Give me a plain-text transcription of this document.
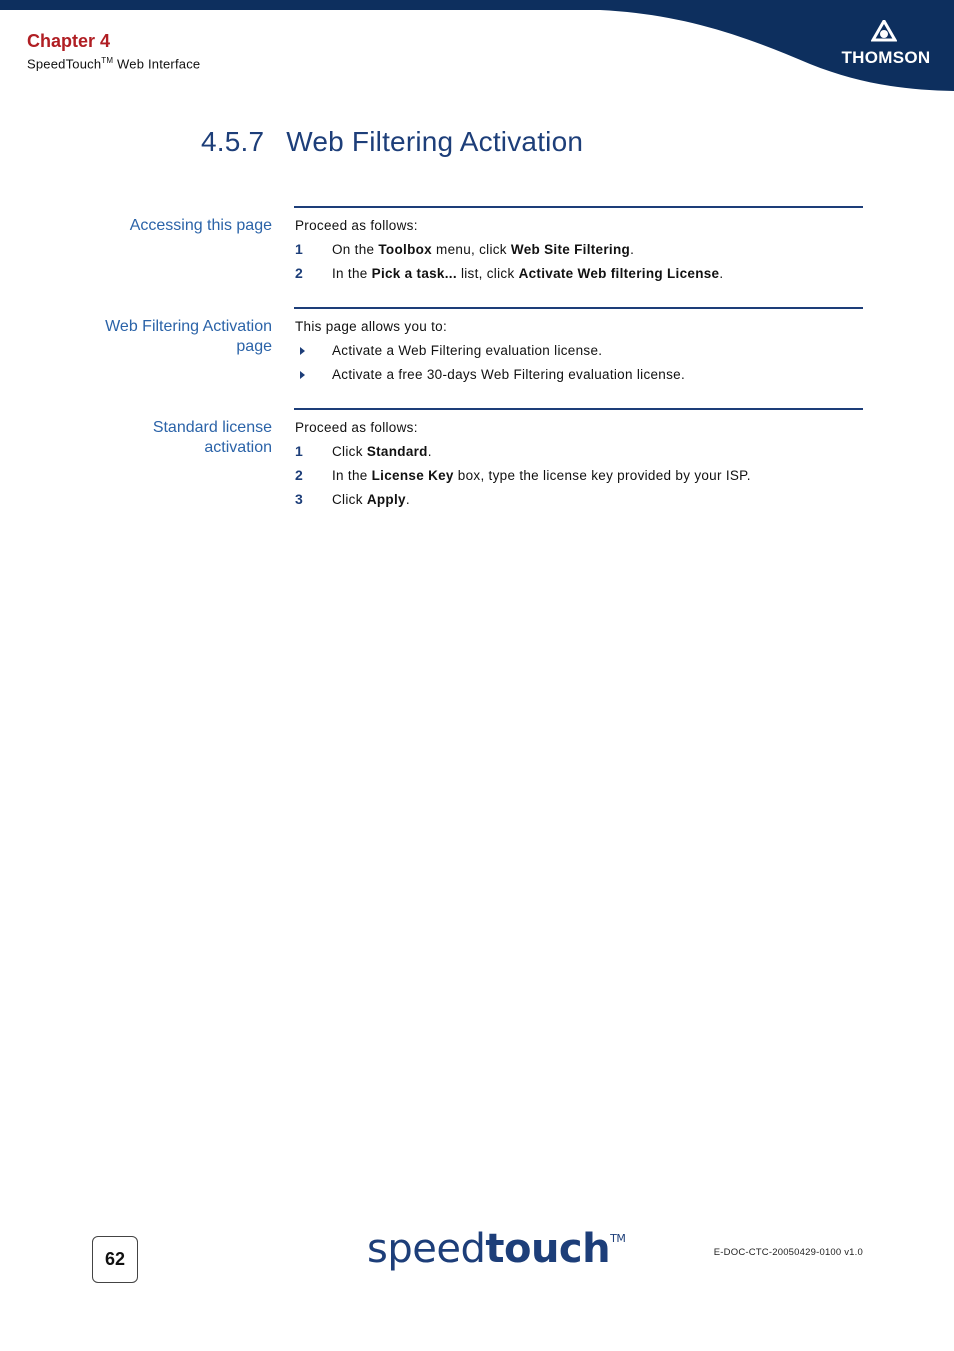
THOMSON
Chapter 4
SpeedTouch™ Web Interface
4.5.7 Web Filtering Activation
Accessing this page Proceed as follows:
1 On the Toolbox menu, click Web Site Filtering.
2 In the Pick a task... list, click Activate Web filtering License.
Web Filtering Activation
page
This page allows you to:
Activate a Web Filtering evaluation license.
Activate a free 30-days Web Filtering evaluation license.
Standard license
activation
Proceed as follows:
1 Click Standard.
2 In the License Key box, type the license key provided by your ISP.
3 Click Apply.
62	speedtouch™
E-DOC-CTC-20050429-0100 v1.0
